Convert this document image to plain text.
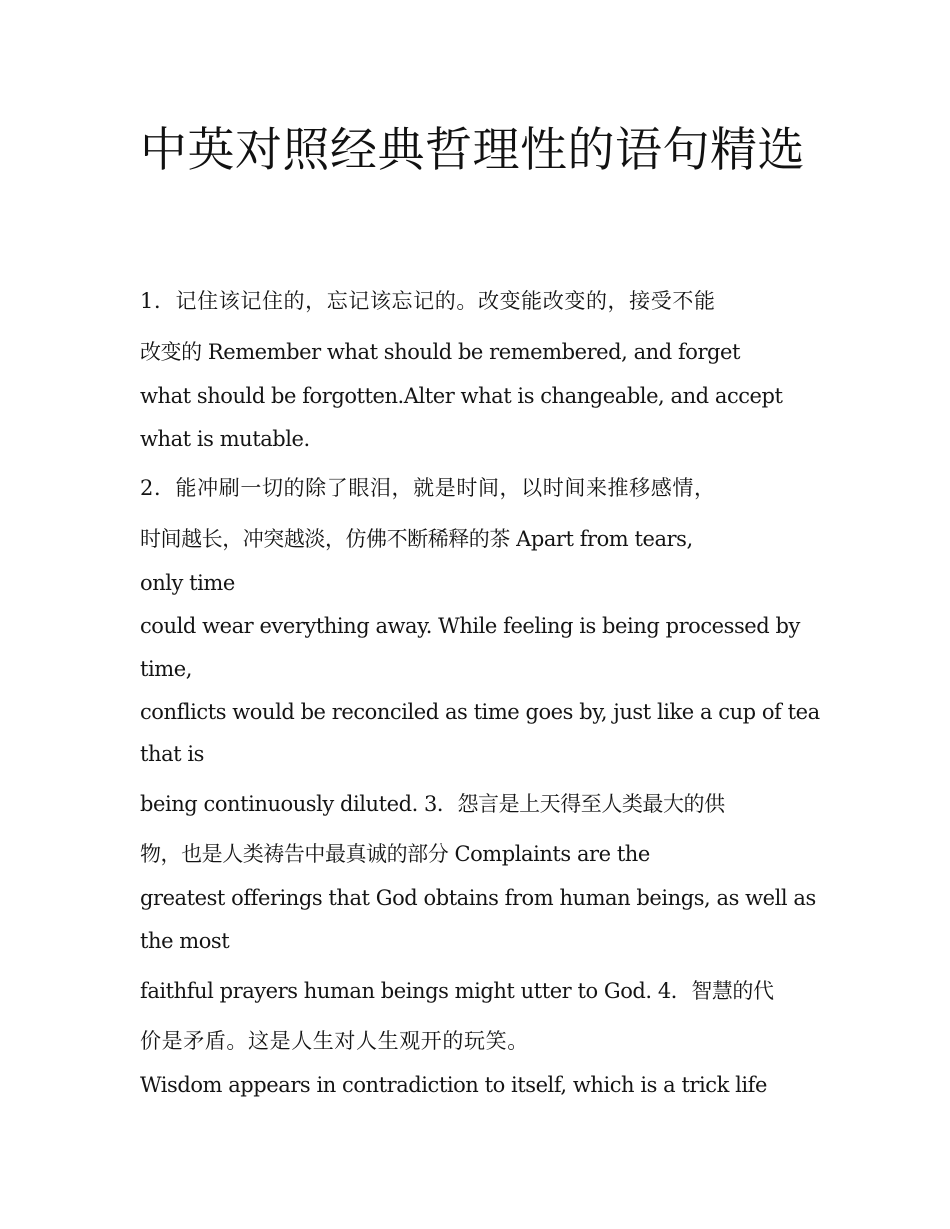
中英对照经典哲理性的语句精选

1．记住该记住的，忘记该忘记的。改变能改变的，接受不能

改变的 Remember what should be remembered, and forget

what should be forgotten.Alter what is changeable, and accept

what is mutable.

2．能冲刷一切的除了眼泪，就是时间，以时间来推移感情，

时间越长，冲突越淡，仿佛不断稀释的茶 Apart from tears,

only time

could wear everything away. While feeling is being processed by

time,

conflicts would be reconciled as time goes by, just like a cup of tea

that is

being continuously diluted. 3．怨言是上天得至人类最大的供

物，也是人类祷告中最真诚的部分 Complaints are the

greatest offerings that God obtains from human beings, as well as

the most

faithful prayers human beings might utter to God. 4．智慧的代

价是矛盾。这是人生对人生观开的玩笑。

Wisdom appears in contradiction to itself, which is a trick life
